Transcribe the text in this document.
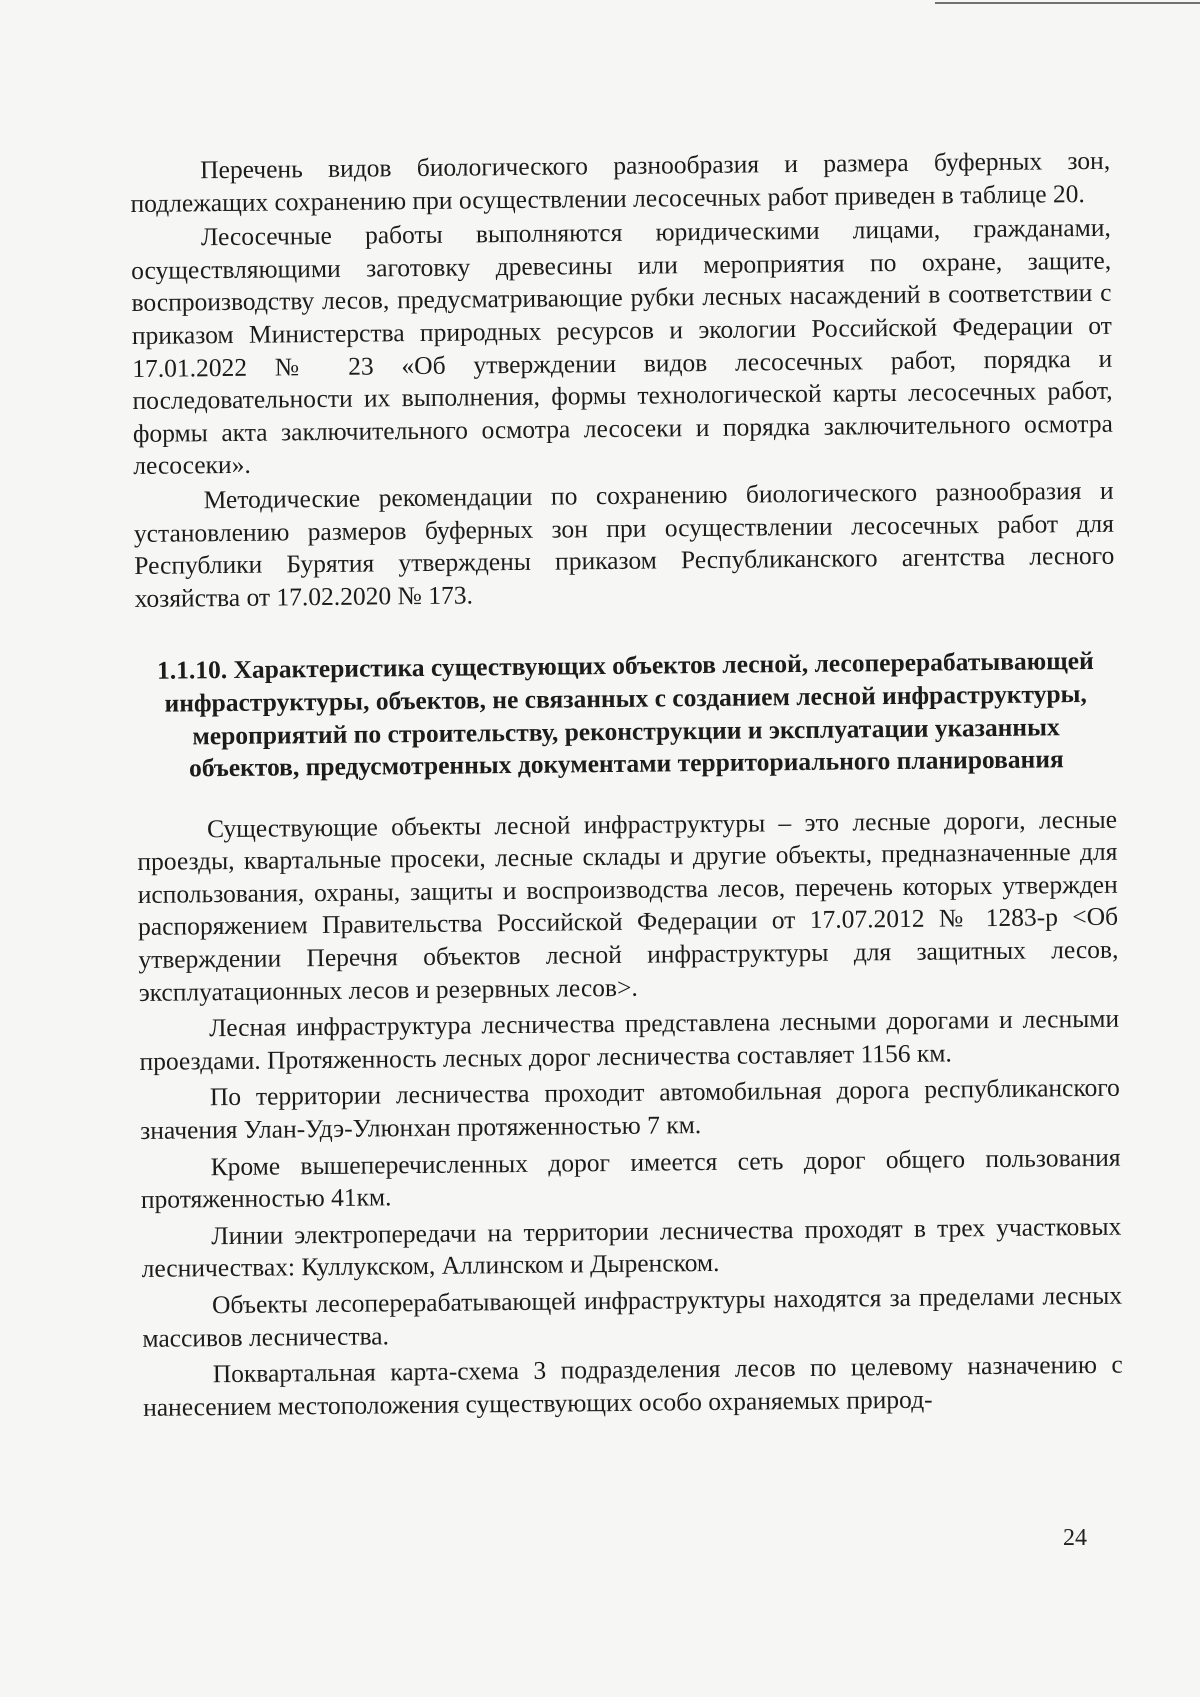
Перечень видов биологического разнообразия и размера буферных зон, подлежащих сохранению при осуществлении лесосечных работ приведен в таблице 20.

Лесосечные работы выполняются юридическими лицами, гражданами, осуществляющими заготовку древесины или мероприятия по охране, защите, воспроизводству лесов, предусматривающие рубки лесных насаждений в соответствии с приказом Министерства природных ресурсов и экологии Российской Федерации от 17.01.2022 № 23 «Об утверждении видов лесосечных работ, порядка и последовательности их выполнения, формы технологической карты лесосечных работ, формы акта заключительного осмотра лесосеки и порядка заключительного осмотра лесосеки».

Методические рекомендации по сохранению биологического разнообразия и установлению размеров буферных зон при осуществлении лесосечных работ для Республики Бурятия утверждены приказом Республиканского агентства лесного хозяйства от 17.02.2020 № 173.

1.1.10. Характеристика существующих объектов лесной, лесоперерабатывающей инфраструктуры, объектов, не связанных с созданием лесной инфраструктуры, мероприятий по строительству, реконструкции и эксплуатации указанных объектов, предусмотренных документами территориального планирования

Существующие объекты лесной инфраструктуры – это лесные дороги, лесные проезды, квартальные просеки, лесные склады и другие объекты, предназначенные для использования, охраны, защиты и воспроизводства лесов, перечень которых утвержден распоряжением Правительства Российской Федерации от 17.07.2012 № 1283-р <Об утверждении Перечня объектов лесной инфраструктуры для защитных лесов, эксплуатационных лесов и резервных лесов>.

Лесная инфраструктура лесничества представлена лесными дорогами и лесными проездами. Протяженность лесных дорог лесничества составляет 1156 км.

По территории лесничества проходит автомобильная дорога республиканского значения Улан-Удэ-Улюнхан протяженностью 7 км.

Кроме вышеперечисленных дорог имеется сеть дорог общего пользования протяженностью 41км.

Линии электропередачи на территории лесничества проходят в трех участковых лесничествах: Куллукском, Аллинском и Дыренском.

Объекты лесоперерабатывающей инфраструктуры находятся за пределами лесных массивов лесничества.

Поквартальная карта-схема 3 подразделения лесов по целевому назначению с нанесением местоположения существующих особо охраняемых природ-

24
